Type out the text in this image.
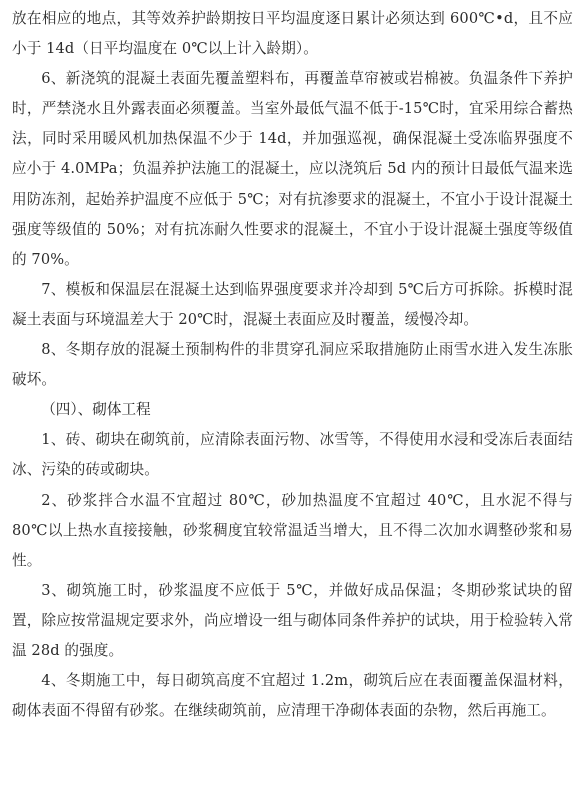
放在相应的地点，其等效养护龄期按日平均温度逐日累计必须达到 600℃•d，且不应小于 14d（日平均温度在 0℃以上计入龄期）。

6、新浇筑的混凝土表面先覆盖塑料布，再覆盖草帘被或岩棉被。负温条件下养护时，严禁浇水且外露表面必须覆盖。当室外最低气温不低于-15℃时，宜采用综合蓄热法，同时采用暖风机加热保温不少于 14d，并加强巡视，确保混凝土受冻临界强度不应小于 4.0MPa；负温养护法施工的混凝土，应以浇筑后 5d 内的预计日最低气温来选用防冻剂，起始养护温度不应低于 5℃；对有抗渗要求的混凝土，不宜小于设计混凝土强度等级值的 50%；对有抗冻耐久性要求的混凝土，不宜小于设计混凝土强度等级值的 70%。

7、模板和保温层在混凝土达到临界强度要求并冷却到 5℃后方可拆除。拆模时混凝土表面与环境温差大于 20℃时，混凝土表面应及时覆盖，缓慢冷却。

8、冬期存放的混凝土预制构件的非贯穿孔洞应采取措施防止雨雪水进入发生冻胀破坏。

（四）、砌体工程

1、砖、砌块在砌筑前，应清除表面污物、冰雪等，不得使用水浸和受冻后表面结冰、污染的砖或砌块。

2、砂浆拌合水温不宜超过 80℃，砂加热温度不宜超过 40℃，且水泥不得与 80℃以上热水直接接触，砂浆稠度宜较常温适当增大，且不得二次加水调整砂浆和易性。

3、砌筑施工时，砂浆温度不应低于 5℃，并做好成品保温；冬期砂浆试块的留置，除应按常温规定要求外，尚应增设一组与砌体同条件养护的试块，用于检验转入常温 28d 的强度。

4、冬期施工中，每日砌筑高度不宜超过 1.2m，砌筑后应在表面覆盖保温材料，砌体表面不得留有砂浆。在继续砌筑前，应清理干净砌体表面的杂物，然后再施工。
